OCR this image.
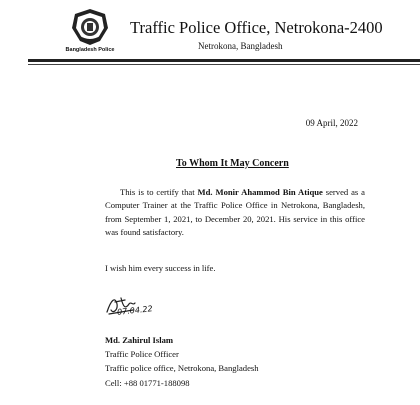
Bangladesh Police
Traffic Police Office, Netrokona-2400
Netrokona, Bangladesh
09 April, 2022
To Whom It May Concern
This is to certify that Md. Monir Ahammod Bin Atique served as a Computer Trainer at the Traffic Police Office in Netrokona, Bangladesh, from September 1, 2021, to December 20, 2021. His service in this office was found satisfactory.
I wish him every success in life.
07.04.22
Md. Zahirul Islam
Traffic Police Officer
Traffic police office, Netrokona, Bangladesh
Cell: +88 01771-188098
